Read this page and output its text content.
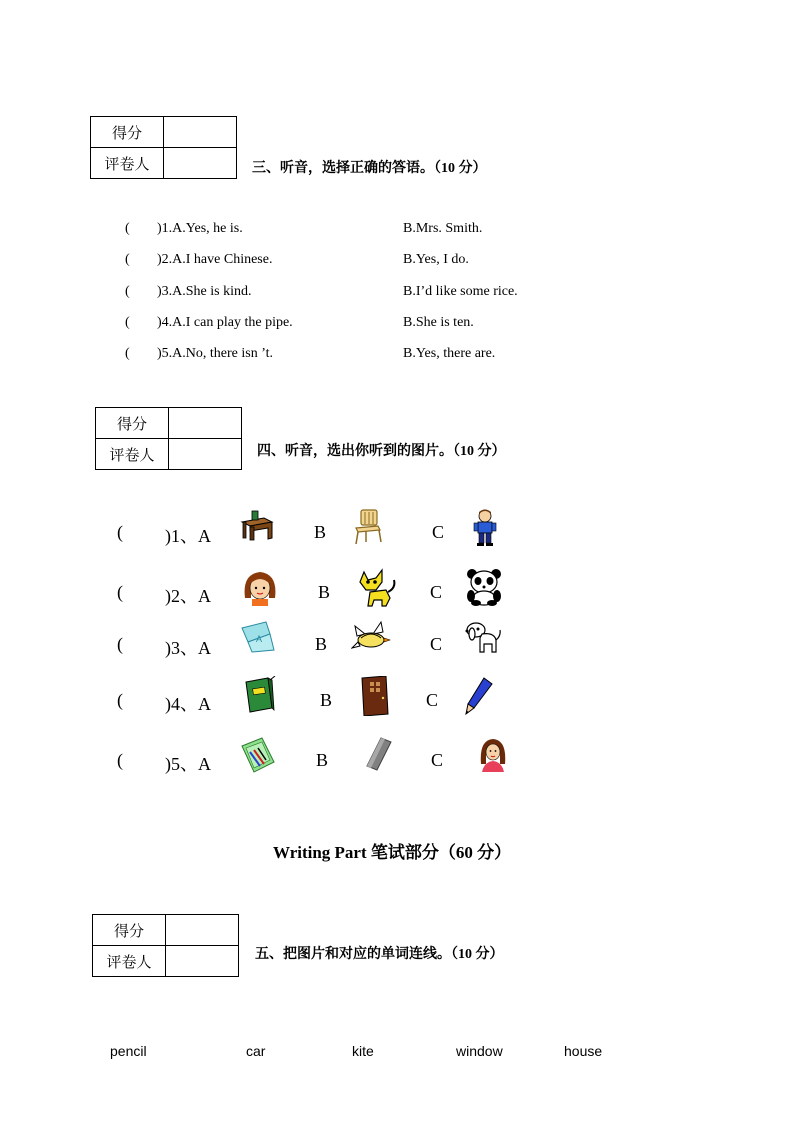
得分	
评卷人		三、听音，选择正确的答语。（10 分）
( )1.A.Yes, he is.	B.Mrs. Smith.
( )2.A.I have Chinese.	B.Yes, I do.
( )3.A.She is kind.	B.I’d like some rice.
( )4.A.I can play the pipe.	B.She is ten.
( )5.A.No, there isn ’t.	B.Yes, there are.
得分	
评卷人		四、听音，选出你听到的图片。（10 分）
( )1、A	B	C
( )2、A	B	C
( )3、A	A	B	C
( )4、A	B	C
( )5、A	B	C
Writing Part 笔试部分（60 分）
得分	
评卷人		五、把图片和对应的单词连线。（10 分）
pencil	car	kite	window	house
